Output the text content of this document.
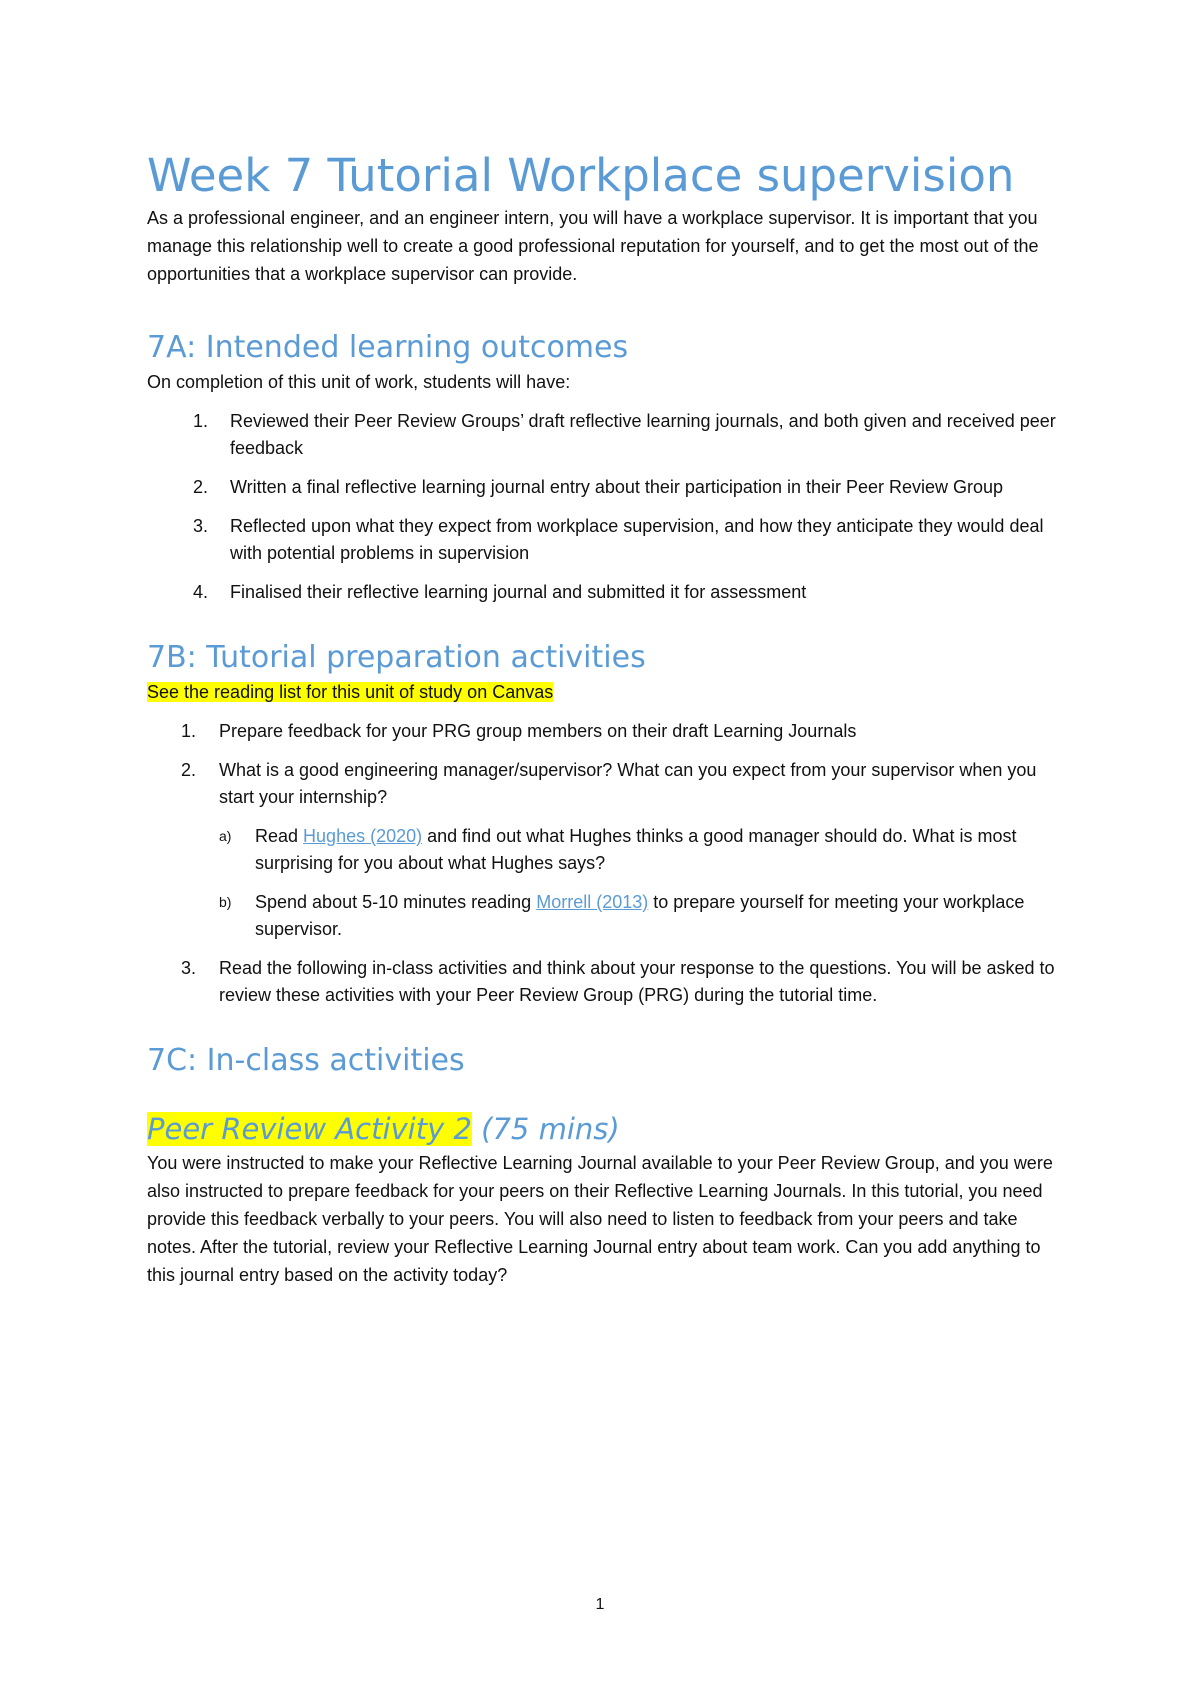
Week 7 Tutorial Workplace supervision

As a professional engineer, and an engineer intern, you will have a workplace supervisor. It is important that you manage this relationship well to create a good professional reputation for yourself, and to get the most out of the opportunities that a workplace supervisor can provide.

7A: Intended learning outcomes

On completion of this unit of work, students will have:

1. Reviewed their Peer Review Groups’ draft reflective learning journals, and both given and received peer feedback
2. Written a final reflective learning journal entry about their participation in their Peer Review Group
3. Reflected upon what they expect from workplace supervision, and how they anticipate they would deal with potential problems in supervision
4. Finalised their reflective learning journal and submitted it for assessment
7B: Tutorial preparation activities

See the reading list for this unit of study on Canvas

1. Prepare feedback for your PRG group members on their draft Learning Journals
2. What is a good engineering manager/supervisor? What can you expect from your supervisor when you start your internship?
a) Read Hughes (2020) and find out what Hughes thinks a good manager should do. What is most surprising for you about what Hughes says?
b) Spend about 5-10 minutes reading Morrell (2013) to prepare yourself for meeting your workplace supervisor.
3. Read the following in-class activities and think about your response to the questions. You will be asked to review these activities with your Peer Review Group (PRG) during the tutorial time.
7C: In-class activities
Peer Review Activity 2 (75 mins)

You were instructed to make your Reflective Learning Journal available to your Peer Review Group, and you were also instructed to prepare feedback for your peers on their Reflective Learning Journals. In this tutorial, you need provide this feedback verbally to your peers. You will also need to listen to feedback from your peers and take notes. After the tutorial, review your Reflective Learning Journal entry about team work. Can you add anything to this journal entry based on the activity today?

1
